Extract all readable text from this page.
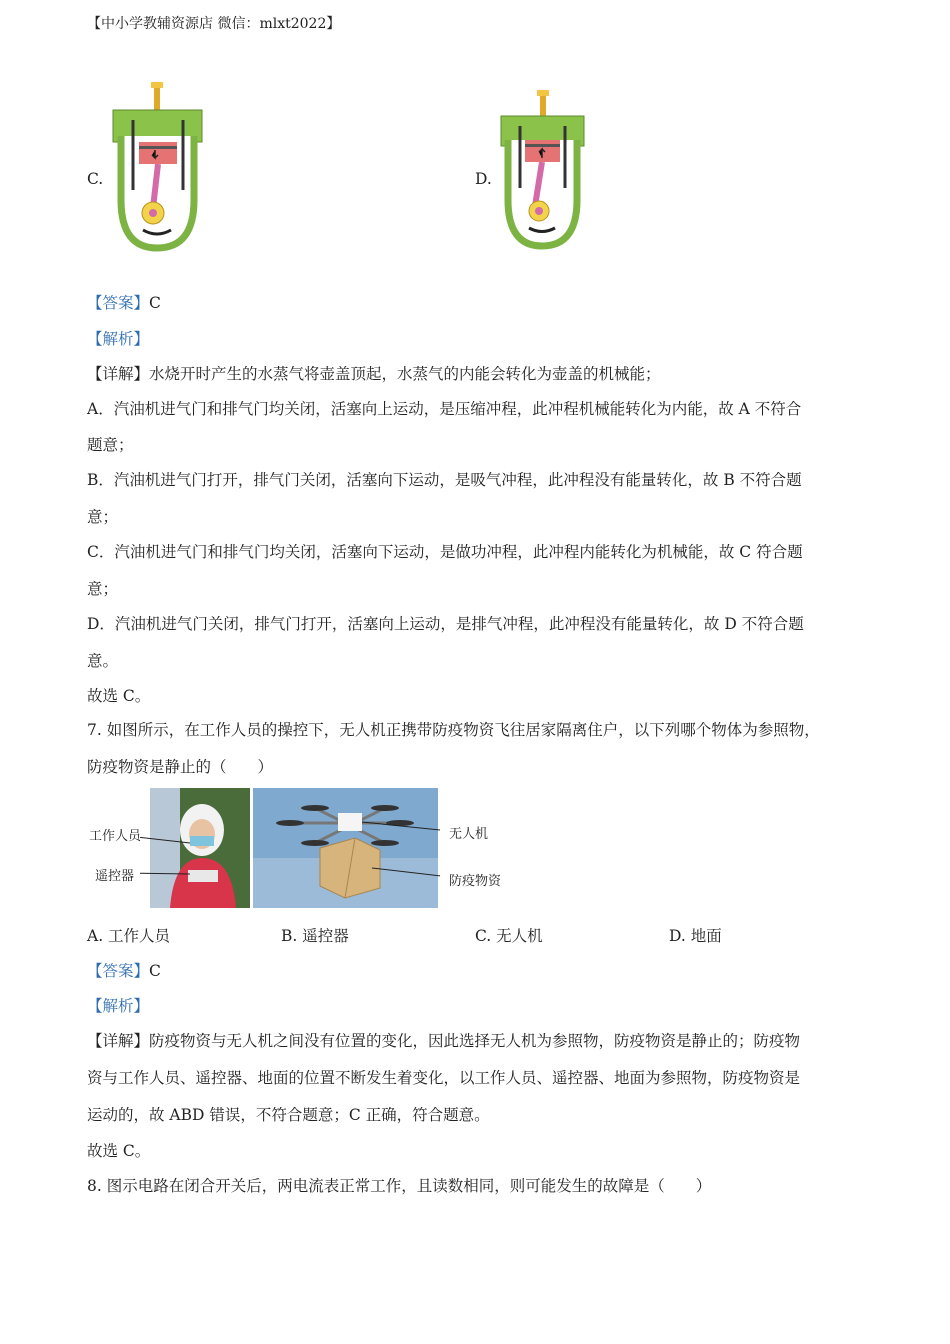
【中小学教辅资源店 微信：mlxt2022】
C.	D.
【答案】C
【解析】
【详解】水烧开时产生的水蒸气将壶盖顶起，水蒸气的内能会转化为壶盖的机械能；
A．汽油机进气门和排气门均关闭，活塞向上运动，是压缩冲程，此冲程机械能转化为内能，故 A 不符合
题意；
B．汽油机进气门打开，排气门关闭，活塞向下运动，是吸气冲程，此冲程没有能量转化，故 B 不符合题
意；
C．汽油机进气门和排气门均关闭，活塞向下运动，是做功冲程，此冲程内能转化为机械能，故 C 符合题
意；
D．汽油机进气门关闭，排气门打开，活塞向上运动，是排气冲程，此冲程没有能量转化，故 D 不符合题
意。
故选 C。
7. 如图所示，在工作人员的操控下，无人机正携带防疫物资飞往居家隔离住户，以下列哪个物体为参照物，
防疫物资是静止的（　　）
工作人员
遥控器
无人机
防疫物资
A. 工作人员	B. 遥控器	C. 无人机	D. 地面
【答案】C
【解析】
【详解】防疫物资与无人机之间没有位置的变化，因此选择无人机为参照物，防疫物资是静止的；防疫物
资与工作人员、遥控器、地面的位置不断发生着变化，以工作人员、遥控器、地面为参照物，防疫物资是
运动的，故 ABD 错误，不符合题意；C 正确，符合题意。
故选 C。
8. 图示电路在闭合开关后，两电流表正常工作，且读数相同，则可能发生的故障是（　　）
